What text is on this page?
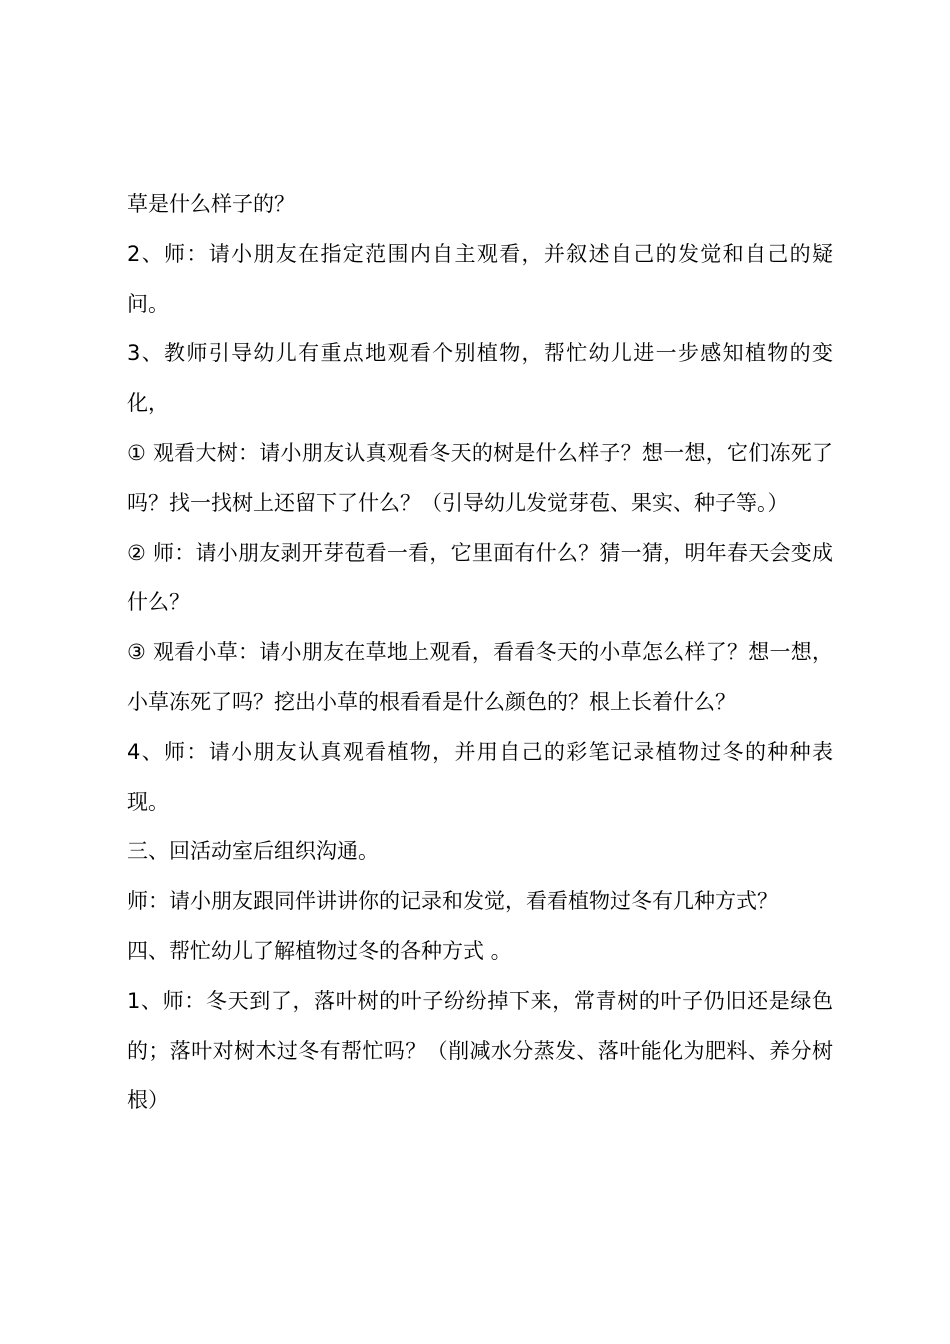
草是什么样子的？

2、师：请小朋友在指定范围内自主观看，并叙述自己的发觉和自己的疑问。

3、教师引导幼儿有重点地观看个别植物，帮忙幼儿进一步感知植物的变化，

① 观看大树：请小朋友认真观看冬天的树是什么样子？想一想，它们冻死了吗？找一找树上还留下了什么？（引导幼儿发觉芽苞、果实、种子等。）

② 师：请小朋友剥开芽苞看一看，它里面有什么？猜一猜，明年春天会变成什么？

③ 观看小草：请小朋友在草地上观看，看看冬天的小草怎么样了？想一想，小草冻死了吗？挖出小草的根看看是什么颜色的？根上长着什么？

4、师：请小朋友认真观看植物，并用自己的彩笔记录植物过冬的种种表现。

三、回活动室后组织沟通。

师：请小朋友跟同伴讲讲你的记录和发觉，看看植物过冬有几种方式？

四、帮忙幼儿了解植物过冬的各种方式 。

1、师：冬天到了，落叶树的叶子纷纷掉下来，常青树的叶子仍旧还是绿色的；落叶对树木过冬有帮忙吗？（削减水分蒸发、落叶能化为肥料、养分树根）
